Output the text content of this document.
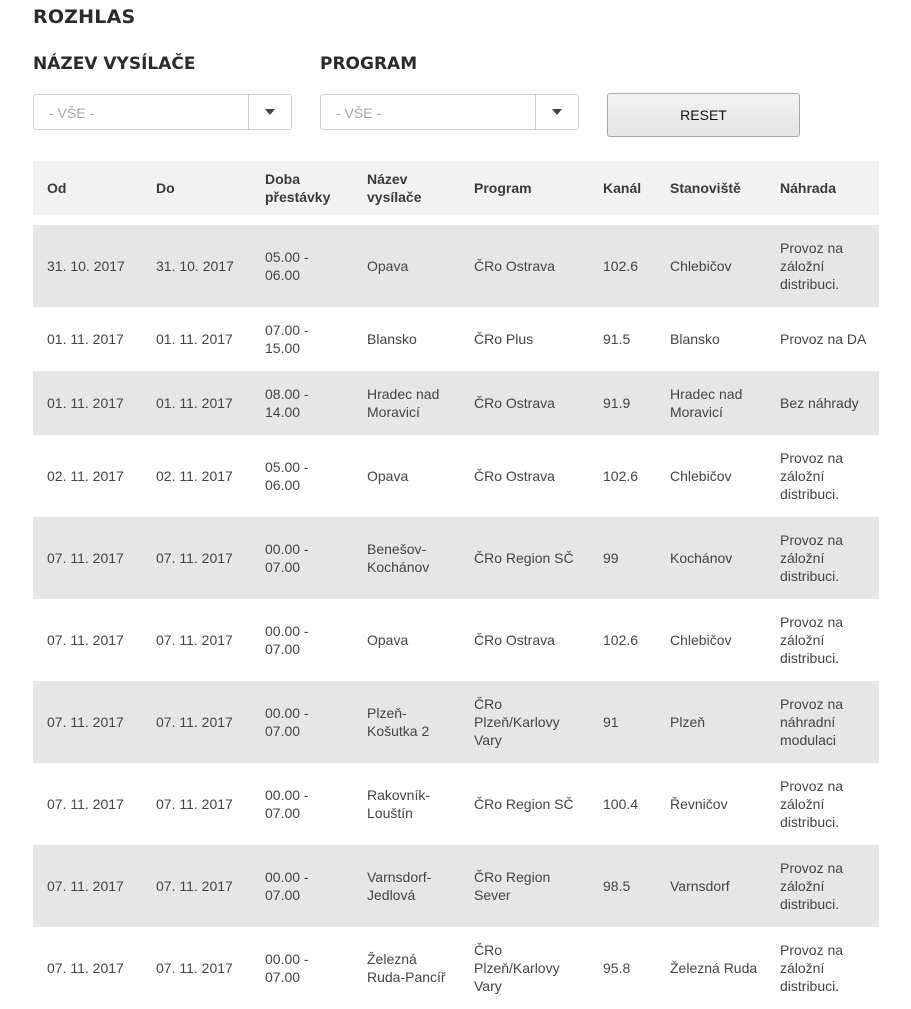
ROZHLAS
NÁZEV VYSÍLAČE	PROGRAM
- VŠE -	- VŠE -	RESET
Od	Do	Doba přestávky	Název vysílače	Program	Kanál	Stanoviště	Náhrada
31. 10. 2017	31. 10. 2017	05.00 - 06.00	Opava	ČRo Ostrava	102.6	Chlebičov	Provoz na záložní distribuci.
01. 11. 2017	01. 11. 2017	07.00 - 15.00	Blansko	ČRo Plus	91.5	Blansko	Provoz na DA
01. 11. 2017	01. 11. 2017	08.00 - 14.00	Hradec nad Moravicí	ČRo Ostrava	91.9	Hradec nad Moravicí	Bez náhrady
02. 11. 2017	02. 11. 2017	05.00 - 06.00	Opava	ČRo Ostrava	102.6	Chlebičov	Provoz na záložní distribuci.
07. 11. 2017	07. 11. 2017	00.00 - 07.00	Benešov-Kochánov	ČRo Region SČ	99	Kochánov	Provoz na záložní distribuci.
07. 11. 2017	07. 11. 2017	00.00 - 07.00	Opava	ČRo Ostrava	102.6	Chlebičov	Provoz na záložní distribuci.
07. 11. 2017	07. 11. 2017	00.00 - 07.00	Plzeň-Košutka 2	ČRo Plzeň/Karlovy Vary	91	Plzeň	Provoz na náhradní modulaci
07. 11. 2017	07. 11. 2017	00.00 - 07.00	Rakovník-Louštín	ČRo Region SČ	100.4	Řevničov	Provoz na záložní distribuci.
07. 11. 2017	07. 11. 2017	00.00 - 07.00	Varnsdorf-Jedlová	ČRo Region Sever	98.5	Varnsdorf	Provoz na záložní distribuci.
07. 11. 2017	07. 11. 2017	00.00 - 07.00	Železná Ruda-Pancíř	ČRo Plzeň/Karlovy Vary	95.8	Železná Ruda	Provoz na záložní distribuci.
